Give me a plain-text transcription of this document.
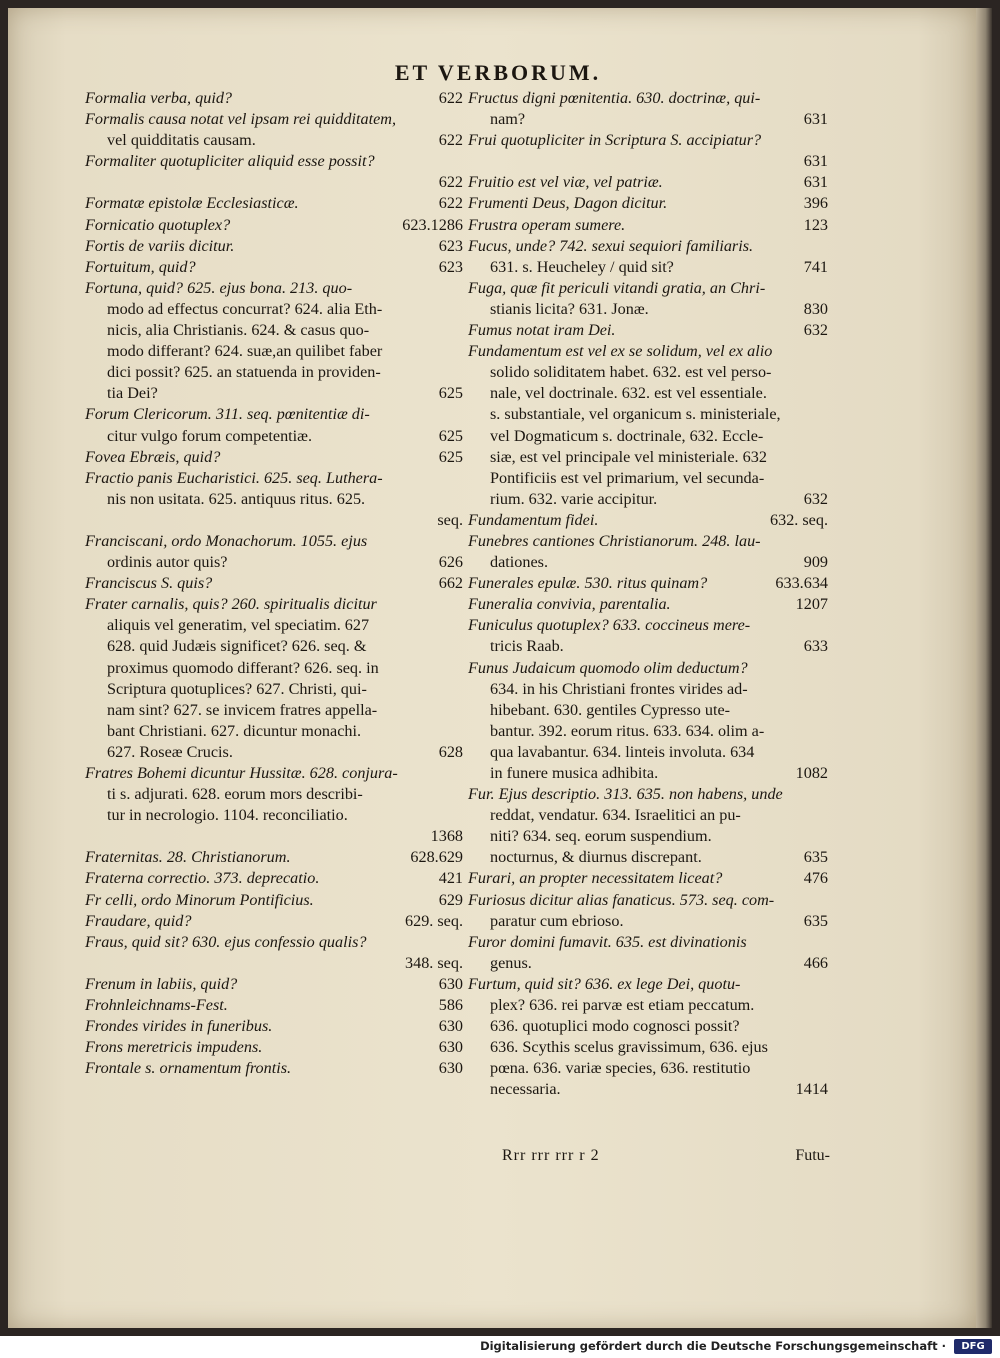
ET VERBORUM.
Formalia verba, quid?	622
Formalis causa notat vel ipsam rei quidditatem,
vel quidditatis causam.	622
Formaliter quotupliciter aliquid esse possit?
622
Formatæ epistolæ Ecclesiasticæ.	622
Fornicatio quotuplex?	623.1286
Fortis de variis dicitur.	623
Fortuitum, quid?	623
Fortuna, quid? 625. ejus bona. 213. quo-
modo ad effectus concurrat? 624. alia Eth-
nicis, alia Christianis. 624. & casus quo-
modo differant? 624. suæ,an quilibet faber
dici possit? 625. an statuenda in providen-
tia Dei?	625
Forum Clericorum. 311. seq. pœnitentiæ di-
citur vulgo forum competentiæ.	625
Fovea Ebræis, quid?	625
Fractio panis Eucharistici. 625. seq. Luthera-
nis non usitata. 625. antiquus ritus. 625.
seq.
Franciscani, ordo Monachorum. 1055. ejus
ordinis autor quis?	626
Franciscus S. quis?	662
Frater carnalis, quis? 260. spiritualis dicitur
aliquis vel generatim, vel speciatim. 627
628. quid Judæis significet? 626. seq. &
proximus quomodo differant? 626. seq. in
Scriptura quotuplices? 627. Christi, qui-
nam sint? 627. se invicem fratres appella-
bant Christiani. 627. dicuntur monachi.
627. Roseæ Crucis.	628
Fratres Bohemi dicuntur Hussitæ. 628. conjura-
ti s. adjurati. 628. eorum mors describi-
tur in necrologio. 1104. reconciliatio.
1368
Fraternitas. 28. Christianorum.	628.629
Fraterna correctio. 373. deprecatio.	421
Fr celli, ordo Minorum Pontificius.	629
Fraudare, quid?	629. seq.
Fraus, quid sit? 630. ejus confessio qualis?
348. seq.
Frenum in labiis, quid?	630
Frohnleichnams-Fest.	586
Frondes virides in funeribus.	630
Frons meretricis impudens.	630
Frontale s. ornamentum frontis.	630
Fructus digni pœnitentia. 630. doctrinæ, qui-
nam?	631
Frui quotupliciter in Scriptura S. accipiatur?
631
Fruitio est vel viæ, vel patriæ.	631
Frumenti Deus, Dagon dicitur.	396
Frustra operam sumere.	123
Fucus, unde? 742. sexui sequiori familiaris.
631. s. Heucheley / quid sit?	741
Fuga, quæ fit periculi vitandi gratia, an Chri-
stianis licita? 631. Jonæ.	830
Fumus notat iram Dei.	632
Fundamentum est vel ex se solidum, vel ex alio
solido soliditatem habet. 632. est vel perso-
nale, vel doctrinale. 632. est vel essentiale.
s. substantiale, vel organicum s. ministeriale,
vel Dogmaticum s. doctrinale, 632. Eccle-
siæ, est vel principale vel ministeriale. 632
Pontificiis est vel primarium, vel secunda-
rium. 632. varie accipitur.	632
Fundamentum fidei.	632. seq.
Funebres cantiones Christianorum. 248. lau-
dationes.	909
Funerales epulæ. 530. ritus quinam?	633.634
Funeralia convivia, parentalia.	1207
Funiculus quotuplex? 633. coccineus mere-
tricis Raab.	633
Funus Judaicum quomodo olim deductum?
634. in his Christiani frontes virides ad-
hibebant. 630. gentiles Cypresso ute-
bantur. 392. eorum ritus. 633. 634. olim a-
qua lavabantur. 634. linteis involuta. 634
in funere musica adhibita.	1082
Fur. Ejus descriptio. 313. 635. non habens, unde
reddat, vendatur. 634. Israelitici an pu-
niti? 634. seq. eorum suspendium.
nocturnus, & diurnus discrepant.	635
Furari, an propter necessitatem liceat?	476
Furiosus dicitur alias fanaticus. 573. seq. com-
paratur cum ebrioso.	635
Furor domini fumavit. 635. est divinationis
genus.	466
Furtum, quid sit? 636. ex lege Dei, quotu-
plex? 636. rei parvæ est etiam peccatum.
636. quotuplici modo cognosci possit?
636. Scythis scelus gravissimum, 636. ejus
pœna. 636. variæ species, 636. restitutio
necessaria.	1414
Rrr rrr rrr r 2	Futu-
Digitalisierung gefördert durch die Deutsche Forschungsgemeinschaft ·	DFG
